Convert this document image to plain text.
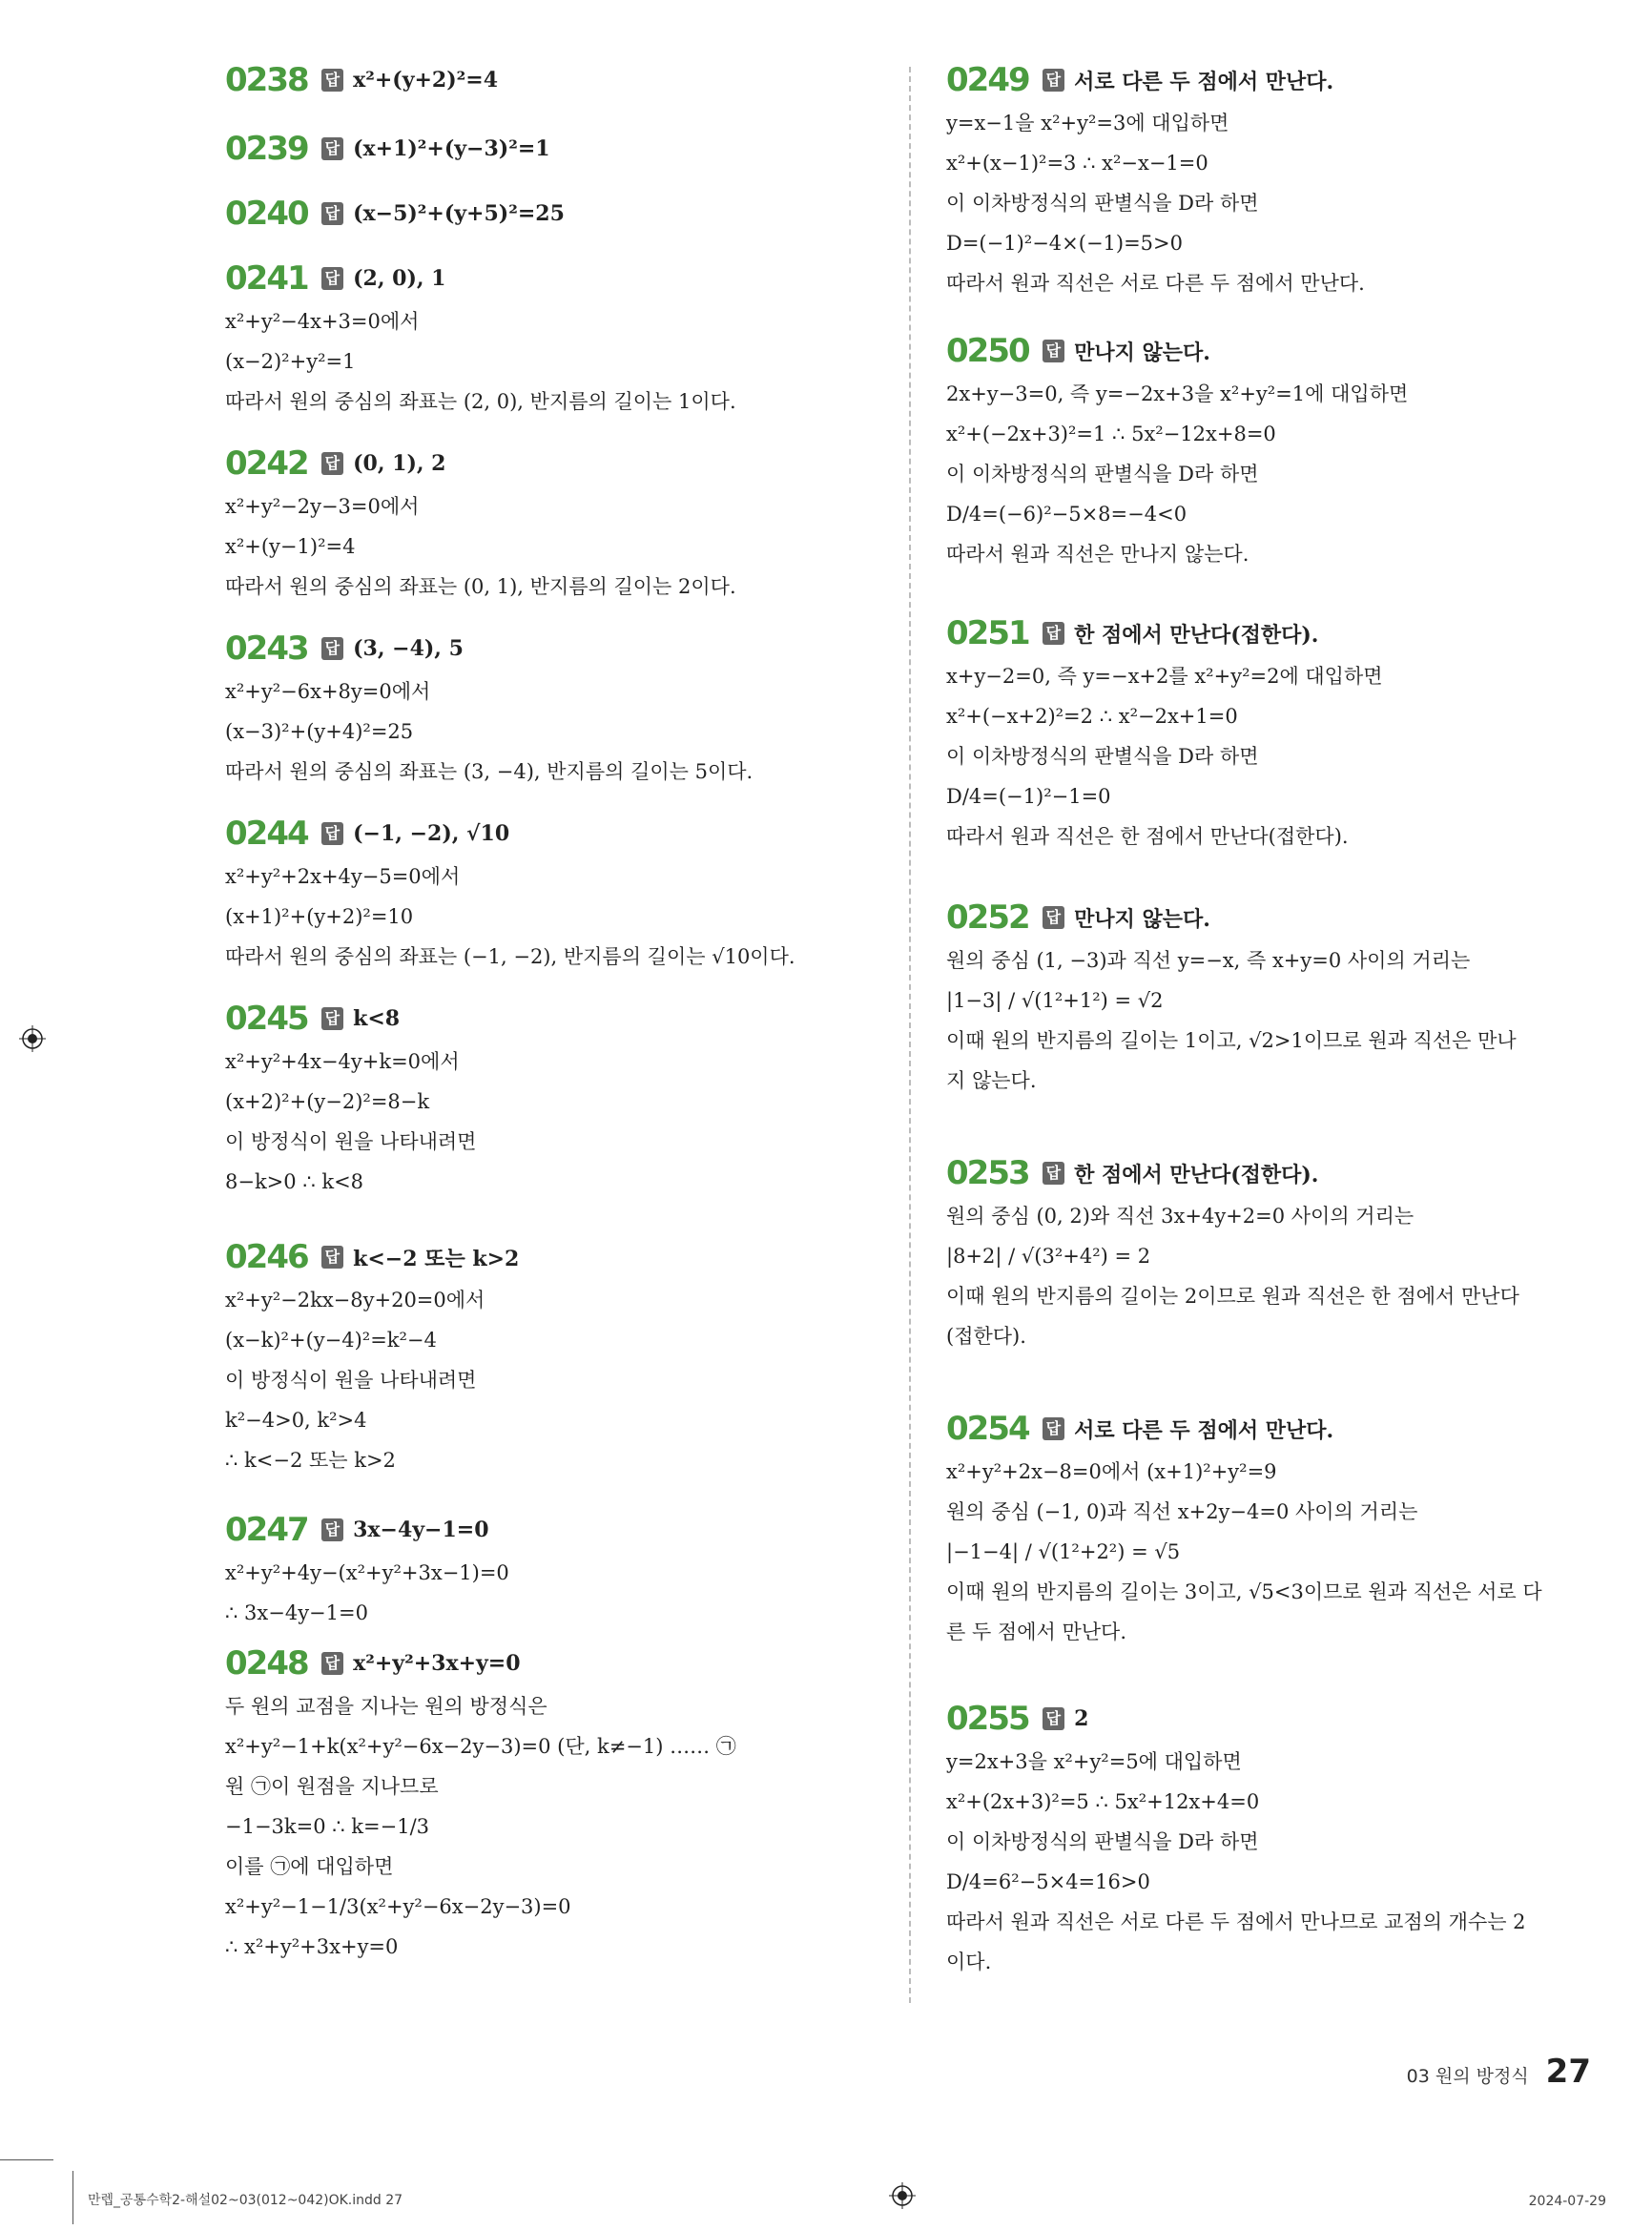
0238 답 x²+(y+2)²=4
0239 답 (x+1)²+(y−3)²=1
0240 답 (x−5)²+(y+5)²=25
0241 답 (2, 0), 1
x²+y²−4x+3=0에서
(x−2)²+y²=1
따라서 원의 중심의 좌표는 (2, 0), 반지름의 길이는 1이다.
0242 답 (0, 1), 2
x²+y²−2y−3=0에서
x²+(y−1)²=4
따라서 원의 중심의 좌표는 (0, 1), 반지름의 길이는 2이다.
0243 답 (3, −4), 5
x²+y²−6x+8y=0에서
(x−3)²+(y+4)²=25
따라서 원의 중심의 좌표는 (3, −4), 반지름의 길이는 5이다.
0244 답 (−1, −2), √10
x²+y²+2x+4y−5=0에서
(x+1)²+(y+2)²=10
따라서 원의 중심의 좌표는 (−1, −2), 반지름의 길이는 √10이다.
0245 답 k<8
x²+y²+4x−4y+k=0에서
(x+2)²+(y−2)²=8−k
이 방정식이 원을 나타내려면
8−k>0 ∴ k<8
0246 답 k<−2 또는 k>2
x²+y²−2kx−8y+20=0에서
(x−k)²+(y−4)²=k²−4
이 방정식이 원을 나타내려면
k²−4>0, k²>4
∴ k<−2 또는 k>2
0247 답 3x−4y−1=0
x²+y²+4y−(x²+y²+3x−1)=0
∴ 3x−4y−1=0
0248 답 x²+y²+3x+y=0
두 원의 교점을 지나는 원의 방정식은
x²+y²−1+k(x²+y²−6x−2y−3)=0 (단, k≠−1) …… ㉠
원 ㉠이 원점을 지나므로
−1−3k=0 ∴ k=−1/3
이를 ㉠에 대입하면
x²+y²−1−1/3(x²+y²−6x−2y−3)=0
∴ x²+y²+3x+y=0
0249 답 서로 다른 두 점에서 만난다.
y=x−1을 x²+y²=3에 대입하면
x²+(x−1)²=3 ∴ x²−x−1=0
이 이차방정식의 판별식을 D라 하면
D=(−1)²−4×(−1)=5>0
따라서 원과 직선은 서로 다른 두 점에서 만난다.
0250 답 만나지 않는다.
2x+y−3=0, 즉 y=−2x+3을 x²+y²=1에 대입하면
x²+(−2x+3)²=1 ∴ 5x²−12x+8=0
이 이차방정식의 판별식을 D라 하면
D/4=(−6)²−5×8=−4<0
따라서 원과 직선은 만나지 않는다.
0251 답 한 점에서 만난다(접한다).
x+y−2=0, 즉 y=−x+2를 x²+y²=2에 대입하면
x²+(−x+2)²=2 ∴ x²−2x+1=0
이 이차방정식의 판별식을 D라 하면
D/4=(−1)²−1=0
따라서 원과 직선은 한 점에서 만난다(접한다).
0252 답 만나지 않는다.
원의 중심 (1, −3)과 직선 y=−x, 즉 x+y=0 사이의 거리는
|1−3| / √(1²+1²) = √2
이때 원의 반지름의 길이는 1이고, √2>1이므로 원과 직선은 만나
지 않는다.
0253 답 한 점에서 만난다(접한다).
원의 중심 (0, 2)와 직선 3x+4y+2=0 사이의 거리는
|8+2| / √(3²+4²) = 2
이때 원의 반지름의 길이는 2이므로 원과 직선은 한 점에서 만난다
(접한다).
0254 답 서로 다른 두 점에서 만난다.
x²+y²+2x−8=0에서 (x+1)²+y²=9
원의 중심 (−1, 0)과 직선 x+2y−4=0 사이의 거리는
|−1−4| / √(1²+2²) = √5
이때 원의 반지름의 길이는 3이고, √5<3이므로 원과 직선은 서로 다
른 두 점에서 만난다.
0255 답 2
y=2x+3을 x²+y²=5에 대입하면
x²+(2x+3)²=5 ∴ 5x²+12x+4=0
이 이차방정식의 판별식을 D라 하면
D/4=6²−5×4=16>0
따라서 원과 직선은 서로 다른 두 점에서 만나므로 교점의 개수는 2
이다.
03 원의 방정식 27
만렙_공통수학2-해설02~03(012~042)OK.indd 27	2024-07-29
